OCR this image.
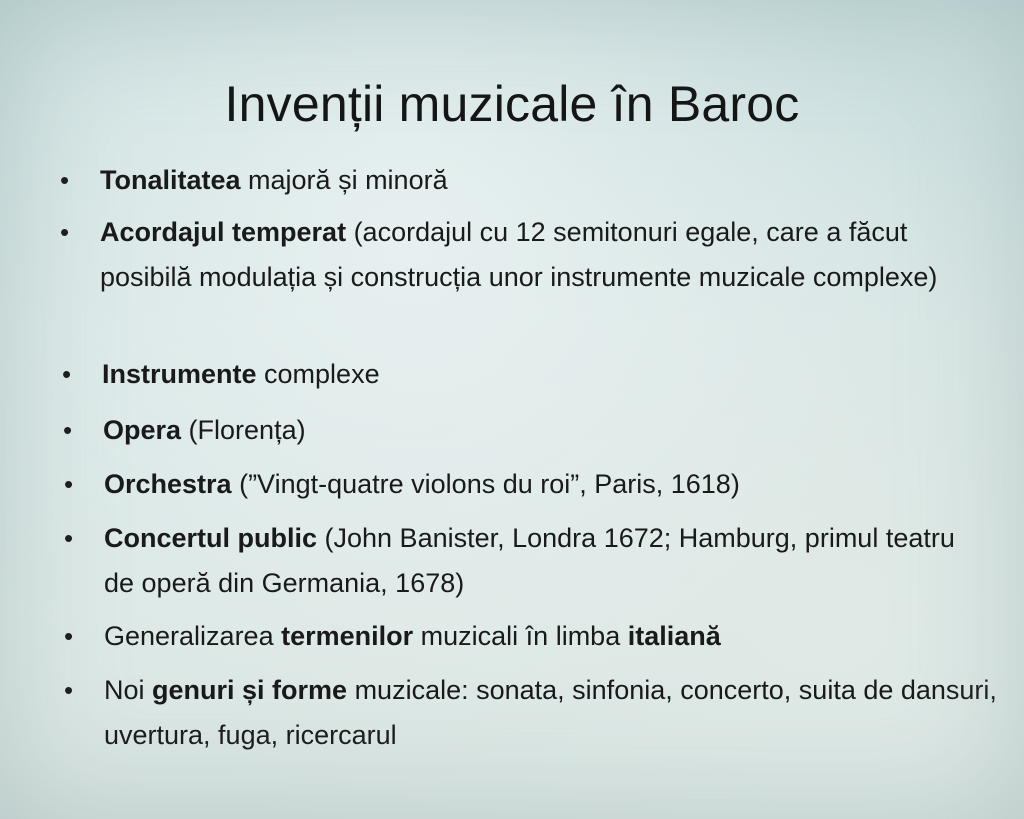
Invenții muzicale în Baroc
• Tonalitatea majoră și minoră
• Acordajul temperat (acordajul cu 12 semitonuri egale, care a făcut posibilă modulația și construcția unor instrumente muzicale complexe)
• Instrumente complexe
• Opera (Florența)
• Orchestra (”Vingt-quatre violons du roi”, Paris, 1618)
• Concertul public (John Banister, Londra 1672; Hamburg, primul teatru de operă din Germania, 1678)
• Generalizarea termenilor muzicali în limba italiană
• Noi genuri și forme muzicale: sonata, sinfonia, concerto, suita de dansuri, uvertura, fuga, ricercarul
